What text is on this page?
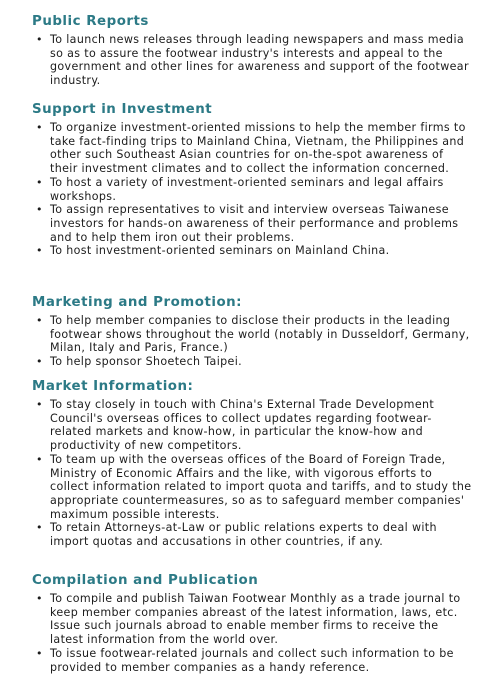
Public Reports
• To launch news releases through leading newspapers and mass media so as to assure the footwear industry's interests and appeal to the government and other lines for awareness and support of the footwear industry.
Support in Investment
• To organize investment-oriented missions to help the member firms to take fact-finding trips to Mainland China, Vietnam, the Philippines and other such Southeast Asian countries for on-the-spot awareness of their investment climates and to collect the information concerned.
• To host a variety of investment-oriented seminars and legal affairs workshops.
• To assign representatives to visit and interview overseas Taiwanese investors for hands-on awareness of their performance and problems and to help them iron out their problems.
• To host investment-oriented seminars on Mainland China.
Marketing and Promotion:
• To help member companies to disclose their products in the leading footwear shows throughout the world (notably in Dusseldorf, Germany, Milan, Italy and Paris, France.)
• To help sponsor Shoetech Taipei.
Market Information:
• To stay closely in touch with China's External Trade Development Council's overseas offices to collect updates regarding footwear-related markets and know-how, in particular the know-how and productivity of new competitors.
• To team up with the overseas offices of the Board of Foreign Trade, Ministry of Economic Affairs and the like, with vigorous efforts to collect information related to import quota and tariffs, and to study the appropriate countermeasures, so as to safeguard member companies' maximum possible interests.
• To retain Attorneys-at-Law or public relations experts to deal with import quotas and accusations in other countries, if any.
Compilation and Publication
• To compile and publish Taiwan Footwear Monthly as a trade journal to keep member companies abreast of the latest information, laws, etc. Issue such journals abroad to enable member firms to receive the latest information from the world over.
• To issue footwear-related journals and collect such information to be provided to member companies as a handy reference.
